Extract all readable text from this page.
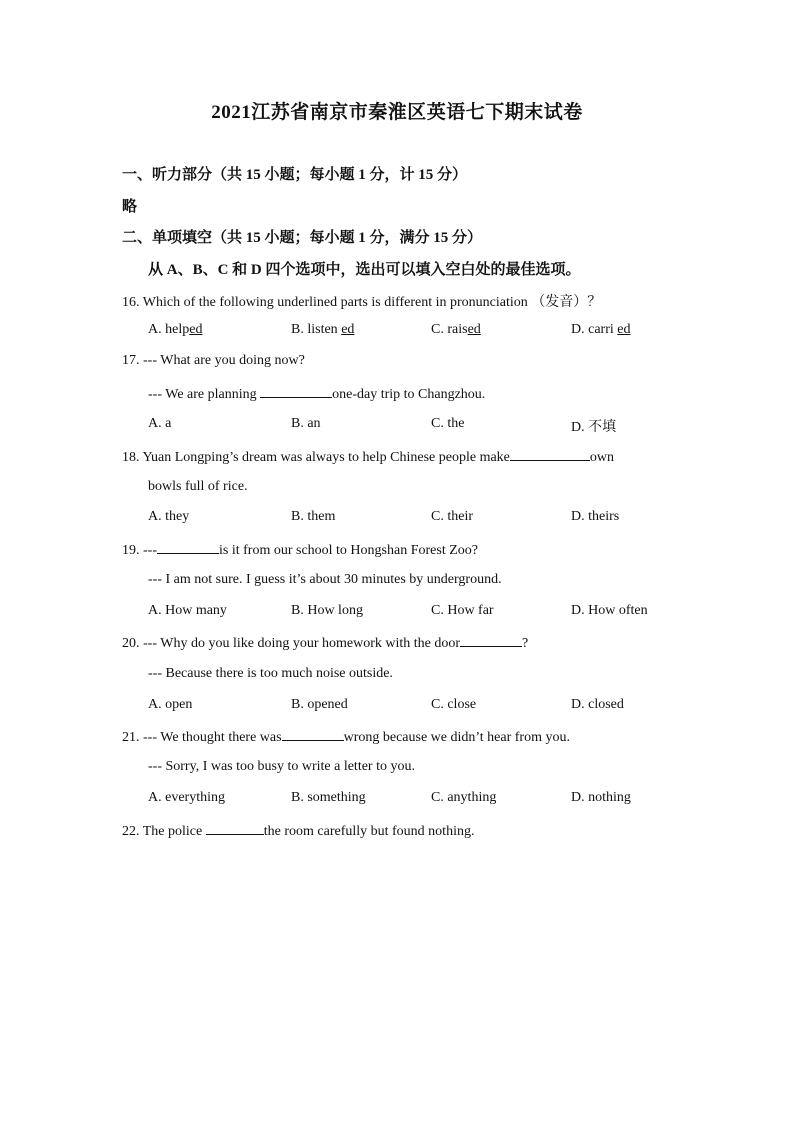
2021江苏省南京市秦淮区英语七下期末试卷
一、听力部分（共 15 小题；每小题 1 分，计 15 分）
略
二、单项填空（共 15 小题；每小题 1 分，满分 15 分）
从 A、B、C 和 D 四个选项中，选出可以填入空白处的最佳选项。
16. Which of the following underlined parts is different in pronunciation （发音）？
A. helped	B. listen ed	C. raised	D. carri ed
17. --- What are you doing now?
--- We are planning	one-day trip to Changzhou.
A. a	B. an	C. the	D. 不填
18. Yuan Longping’s dream was always to help Chinese people make	own
bowls full of rice.
A. they	B. them	C. their	D. theirs
19. ---	is it from our school to Hongshan Forest Zoo?
--- I am not sure. I guess it’s about 30 minutes by underground.
A. How many	B. How long	C. How far	D. How often
20. --- Why do you like doing your homework with the door	?
--- Because there is too much noise outside.
A. open	B. opened	C. close	D. closed
21. --- We thought there was	wrong because we didn’t hear from you.
--- Sorry, I was too busy to write a letter to you.
A. everything	B. something	C. anything	D. nothing
22. The police	the room carefully but found nothing.
